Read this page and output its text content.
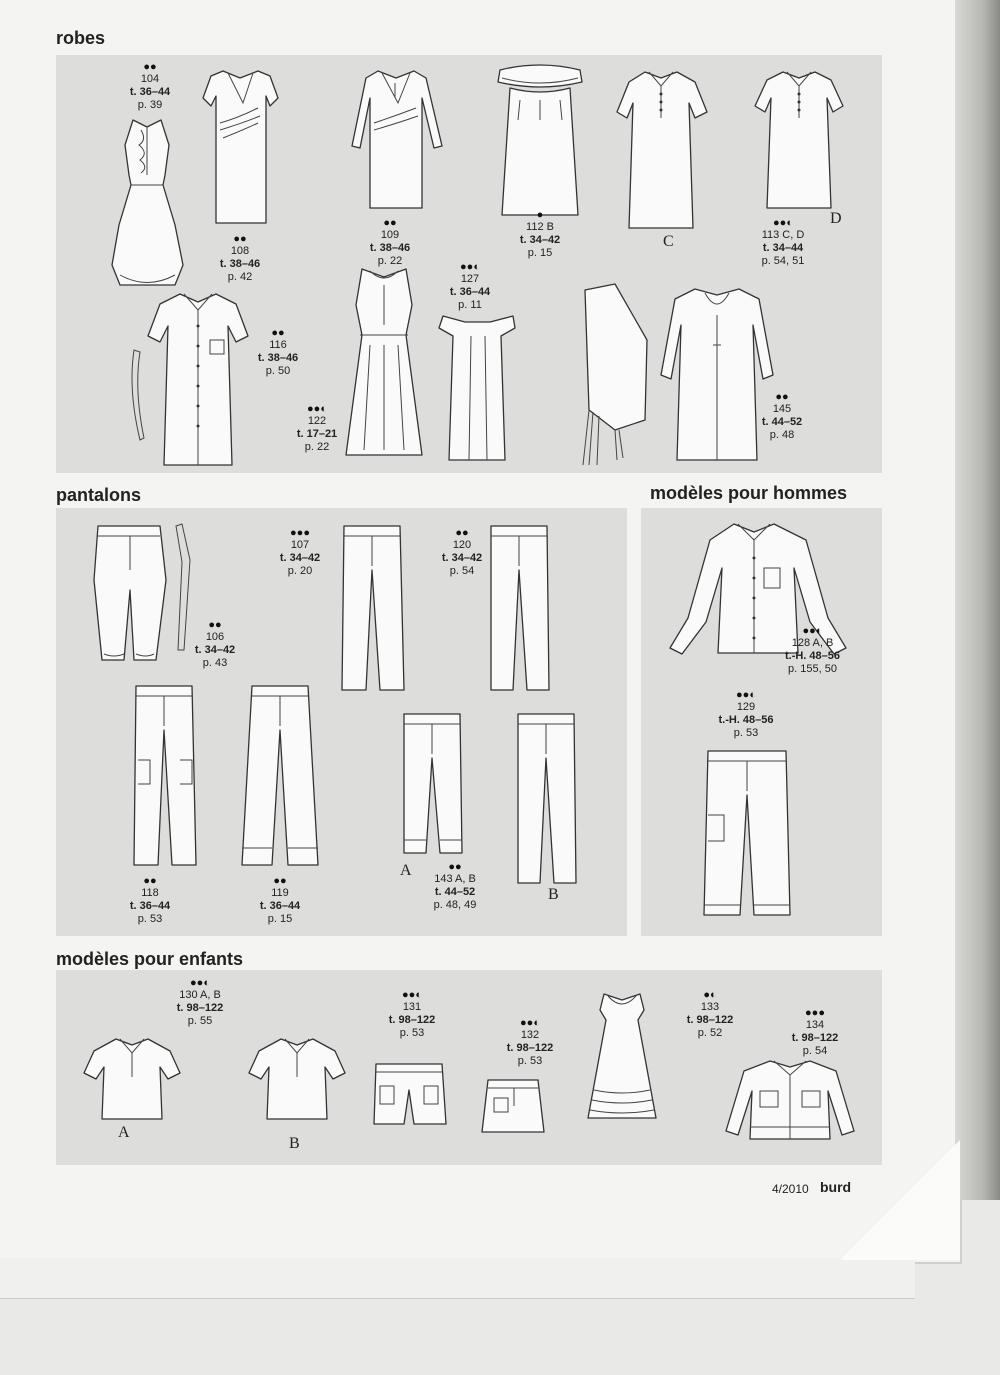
robes
pantalons	modèles pour hommes
modèles pour enfants
●●
104
t. 36–44
p. 39
●●
108
t. 38–46
p. 42
●●
109
t. 38–46
p. 22
●
112 B
t. 34–42
p. 15
C
D
●●◐
113 C, D
t. 34–44
p. 54, 51
●●
116
t. 38–46
p. 50
●●◐
122
t. 17–21
p. 22
●●◐
127
t. 36–44
p. 11
●●
145
t. 44–52
p. 48
●●
106
t. 34–42
p. 43
●●●
107
t. 34–42
p. 20
●●
120
t. 34–42
p. 54
●●
118
t. 36–44
p. 53
●●
119
t. 36–44
p. 15
A
B
●●
143 A, B
t. 44–52
p. 48, 49
●●◐
128 A, B
t.-H. 48–56
p. 155, 50
●●◐
129
t.-H. 48–56
p. 53
●●◐
130 A, B
t. 98–122
p. 55
A
B
●●◐
131
t. 98–122
p. 53
●●◐
132
t. 98–122
p. 53
●◐
133
t. 98–122
p. 52
●●●
134
t. 98–122
p. 54
4/2010 burd
